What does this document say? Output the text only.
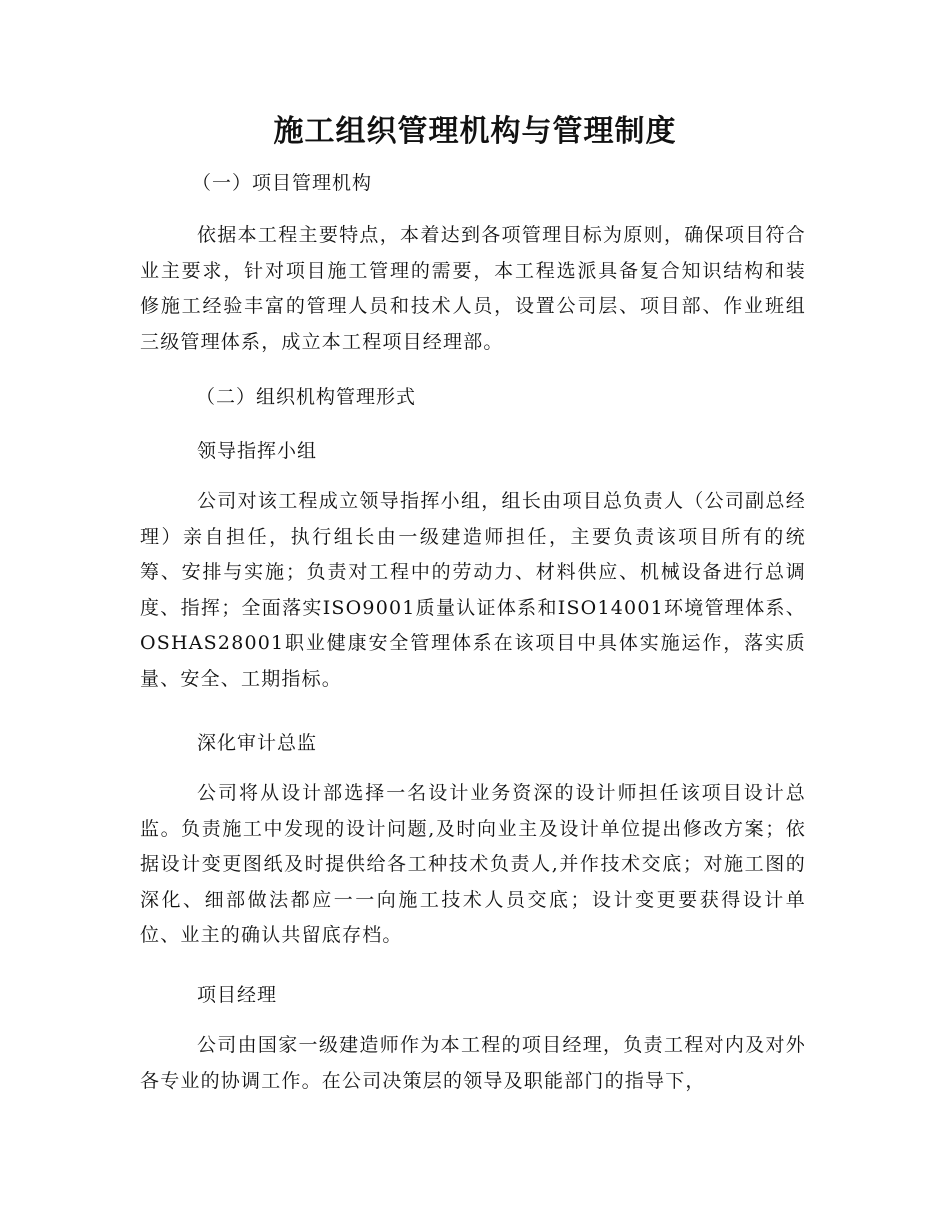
施工组织管理机构与管理制度

（一）项目管理机构

依据本工程主要特点，本着达到各项管理目标为原则，确保项目符合业主要求，针对项目施工管理的需要，本工程选派具备复合知识结构和装修施工经验丰富的管理人员和技术人员，设置公司层、项目部、作业班组三级管理体系，成立本工程项目经理部。

（二）组织机构管理形式

领导指挥小组

公司对该工程成立领导指挥小组，组长由项目总负责人（公司副总经理）亲自担任，执行组长由一级建造师担任，主要负责该项目所有的统筹、安排与实施；负责对工程中的劳动力、材料供应、机械设备进行总调度、指挥；全面落实ISO9001质量认证体系和ISO14001环境管理体系、OSHAS28001职业健康安全管理体系在该项目中具体实施运作，落实质量、安全、工期指标。

深化审计总监

公司将从设计部选择一名设计业务资深的设计师担任该项目设计总监。负责施工中发现的设计问题,及时向业主及设计单位提出修改方案；依据设计变更图纸及时提供给各工种技术负责人,并作技术交底；对施工图的深化、细部做法都应一一向施工技术人员交底；设计变更要获得设计单位、业主的确认共留底存档。

项目经理

公司由国家一级建造师作为本工程的项目经理，负责工程对内及对外各专业的协调工作。在公司决策层的领导及职能部门的指导下，
